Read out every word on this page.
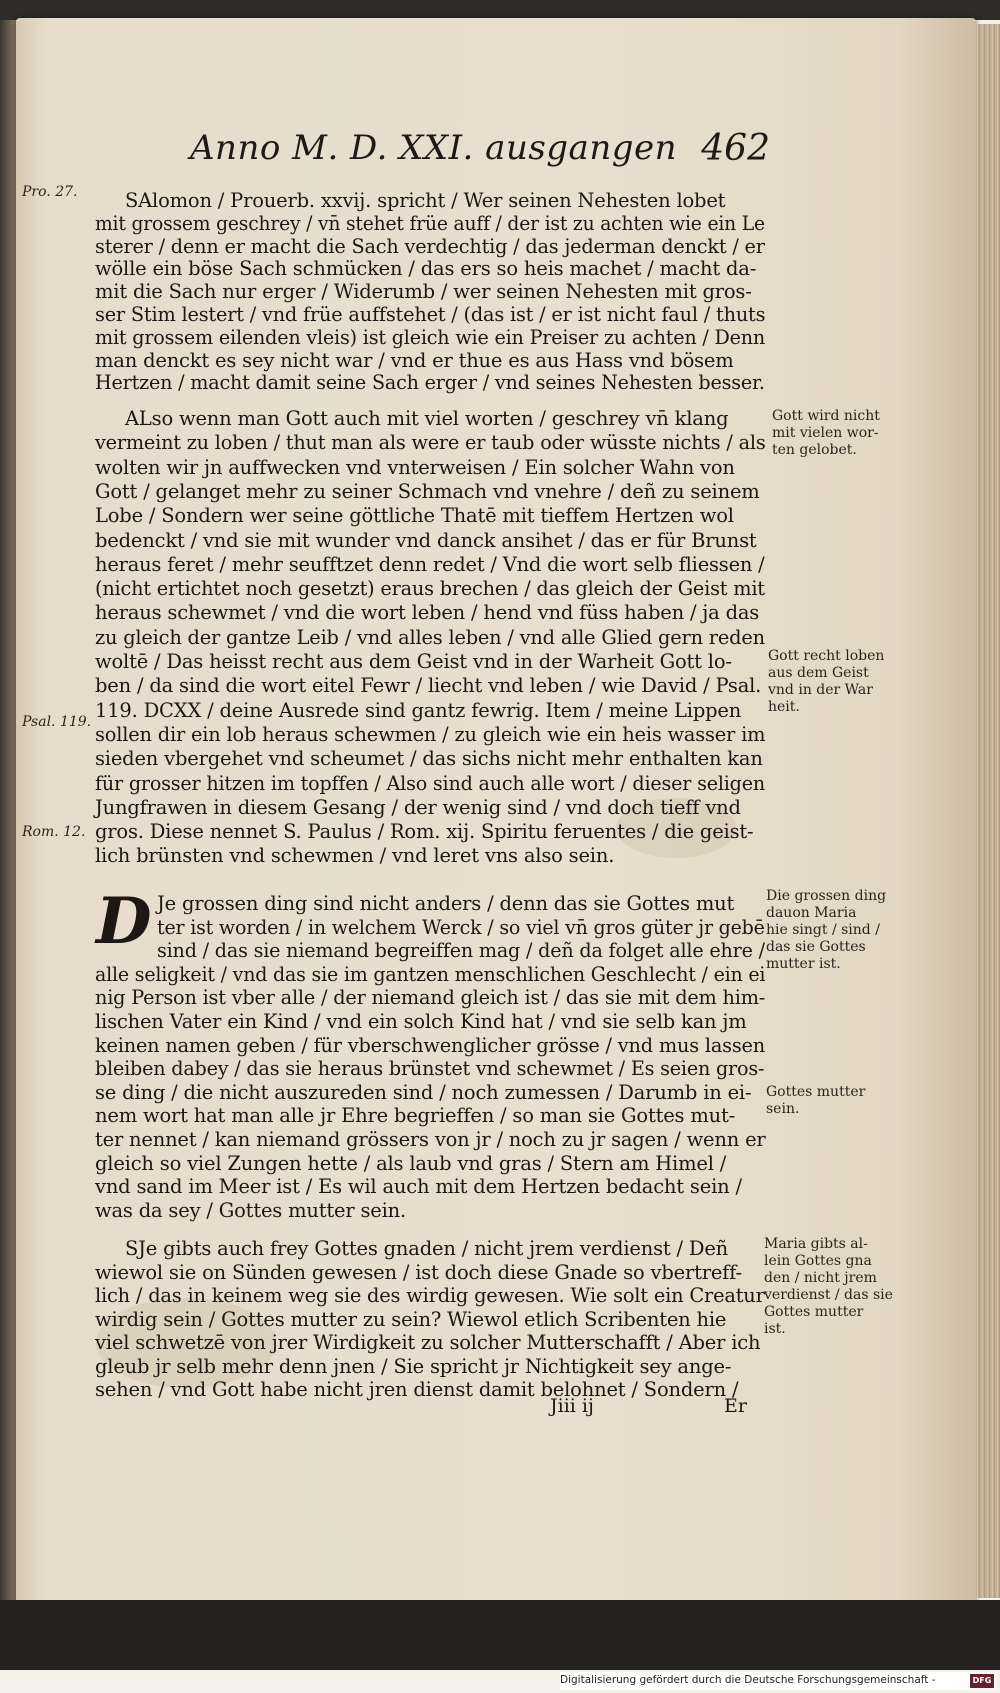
Anno M. D. XXI. ausgangen 462
Pro. 27.
Psal. 119.
Rom. 12.
SAlomon / Prouerb. xxvij. spricht / Wer seinen Nehesten lobet
mit grossem geschrey / vn̄ stehet früe auff / der ist zu achten wie ein Le
sterer / denn er macht die Sach verdechtig / das jederman denckt / er
wölle ein böse Sach schmücken / das ers so heis machet / macht da-
mit die Sach nur erger / Widerumb / wer seinen Nehesten mit gros-
ser Stim lestert / vnd früe auffstehet / (das ist / er ist nicht faul / thuts
mit grossem eilenden vleis) ist gleich wie ein Preiser zu achten / Denn
man denckt es sey nicht war / vnd er thue es aus Hass vnd bösem
Hertzen / macht damit seine Sach erger / vnd seines Nehesten besser.
ALso wenn man Gott auch mit viel worten / geschrey vn̄ klang
vermeint zu loben / thut man als were er taub oder wüsste nichts / als
wolten wir jn auffwecken vnd vnterweisen / Ein solcher Wahn von
Gott / gelanget mehr zu seiner Schmach vnd vnehre / deñ zu seinem
Lobe / Sondern wer seine göttliche Thatē mit tieffem Hertzen wol
bedenckt / vnd sie mit wunder vnd danck ansihet / das er für Brunst
heraus feret / mehr seufftzet denn redet / Vnd die wort selb fliessen /
(nicht ertichtet noch gesetzt) eraus brechen / das gleich der Geist mit
heraus schewmet / vnd die wort leben / hend vnd füss haben / ja das
zu gleich der gantze Leib / vnd alles leben / vnd alle Glied gern reden
woltē / Das heisst recht aus dem Geist vnd in der Warheit Gott lo-
ben / da sind die wort eitel Fewr / liecht vnd leben / wie David / Psal.
119. DCXX / deine Ausrede sind gantz fewrig. Item / meine Lippen
sollen dir ein lob heraus schewmen / zu gleich wie ein heis wasser im
sieden vbergehet vnd scheumet / das sichs nicht mehr enthalten kan
für grosser hitzen im topffen / Also sind auch alle wort / dieser seligen
Jungfrawen in diesem Gesang / der wenig sind / vnd doch tieff vnd
gros. Diese nennet S. Paulus / Rom. xij. Spiritu feruentes / die geist-
lich brünsten vnd schewmen / vnd leret vns also sein.
D Je grossen ding sind nicht anders / denn das sie Gottes mut
ter ist worden / in welchem Werck / so viel vn̄ gros güter jr gebē
sind / das sie niemand begreiffen mag / deñ da folget alle ehre /
alle seligkeit / vnd das sie im gantzen menschlichen Geschlecht / ein ei
nig Person ist vber alle / der niemand gleich ist / das sie mit dem him-
lischen Vater ein Kind / vnd ein solch Kind hat / vnd sie selb kan jm
keinen namen geben / für vberschwenglicher grösse / vnd mus lassen
bleiben dabey / das sie heraus brünstet vnd schewmet / Es seien gros-
se ding / die nicht auszureden sind / noch zumessen / Darumb in ei-
nem wort hat man alle jr Ehre begrieffen / so man sie Gottes mut-
ter nennet / kan niemand grössers von jr / noch zu jr sagen / wenn er
gleich so viel Zungen hette / als laub vnd gras / Stern am Himel /
vnd sand im Meer ist / Es wil auch mit dem Hertzen bedacht sein /
was da sey / Gottes mutter sein.
SJe gibts auch frey Gottes gnaden / nicht jrem verdienst / Deñ
wiewol sie on Sünden gewesen / ist doch diese Gnade so vbertreff-
lich / das in keinem weg sie des wirdig gewesen. Wie solt ein Creatur
wirdig sein / Gottes mutter zu sein? Wiewol etlich Scribenten hie
viel schwetzē von jrer Wirdigkeit zu solcher Mutterschafft / Aber ich
gleub jr selb mehr denn jnen / Sie spricht jr Nichtigkeit sey ange-
sehen / vnd Gott habe nicht jren dienst damit belohnet / Sondern /
Gott wird nicht
mit vielen wor-
ten gelobet.
Gott recht loben
aus dem Geist
vnd in der War
heit.
Die grossen ding
dauon Maria
hie singt / sind /
das sie Gottes
mutter ist.
Gottes mutter
sein.
Maria gibts al-
lein Gottes gna
den / nicht jrem
verdienst / das sie
Gottes mutter
ist.
Jiii ij	Er
Digitalisierung gefördert durch die Deutsche Forschungsgemeinschaft -	DFG
